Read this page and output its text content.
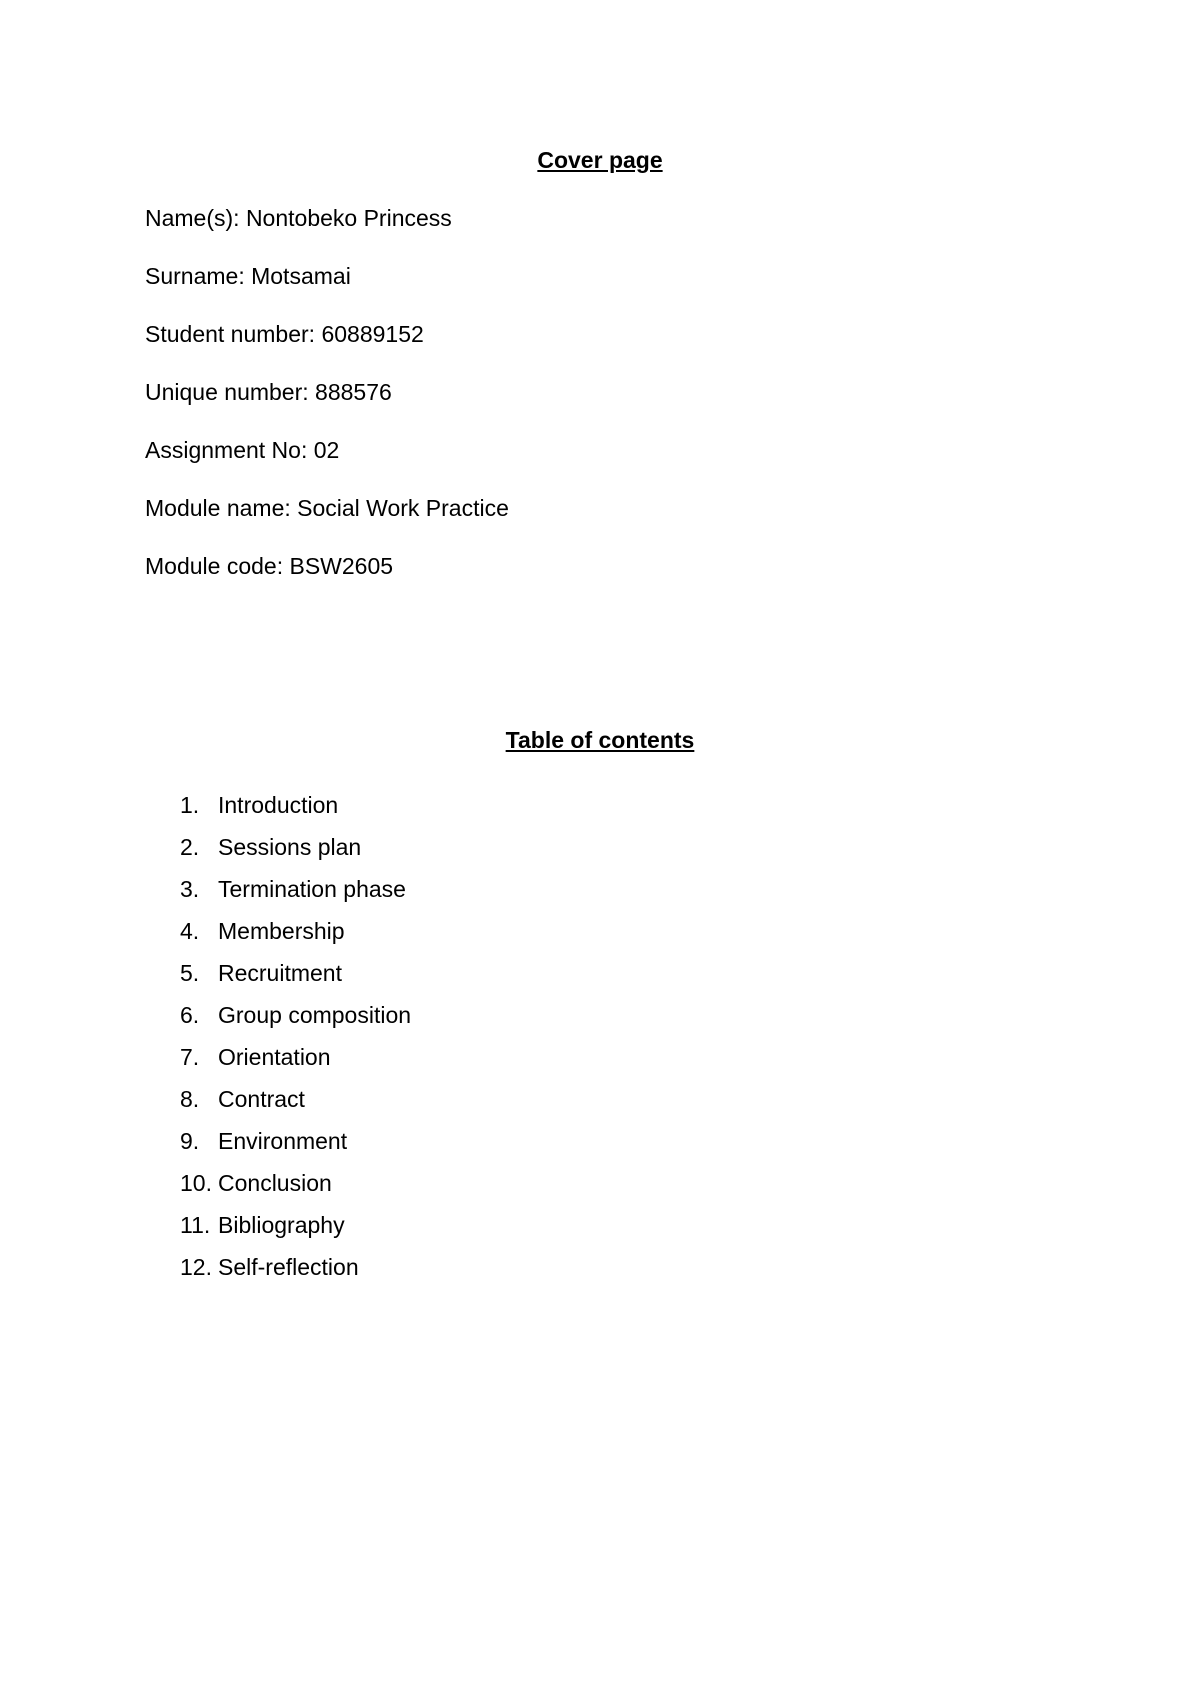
Cover page

Name(s): Nontobeko Princess

Surname: Motsamai

Student number: 60889152

Unique number: 888576

Assignment No: 02

Module name: Social Work Practice

Module code: BSW2605

Table of contents
1. Introduction
2. Sessions plan
3. Termination phase
4. Membership
5. Recruitment
6. Group composition
7. Orientation
8. Contract
9. Environment
10. Conclusion
11. Bibliography
12. Self-reflection
